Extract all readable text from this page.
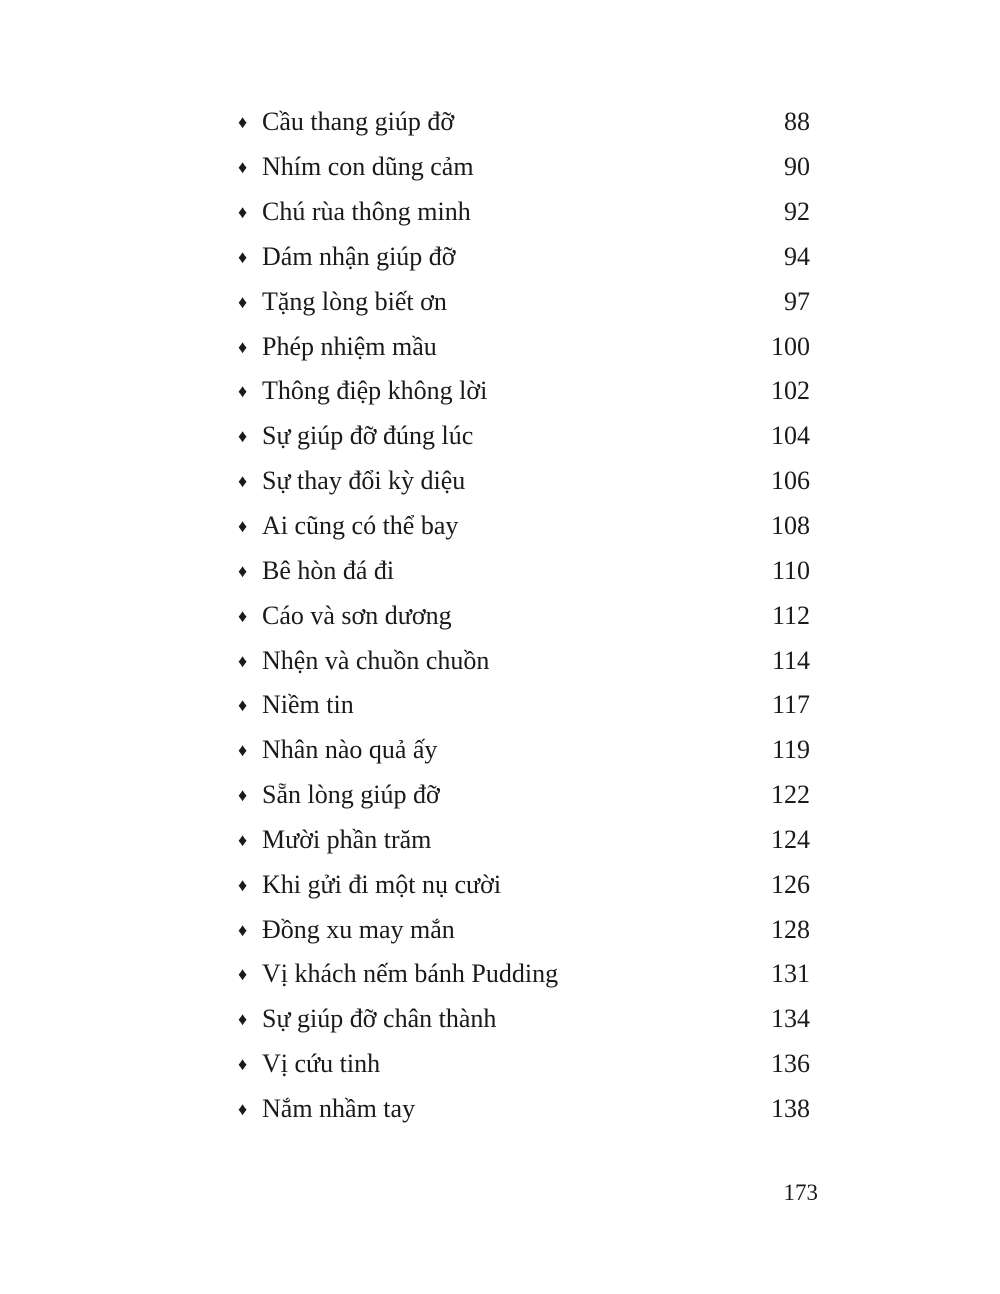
♦ Cầu thang giúp đỡ	88
♦ Nhím con dũng cảm	90
♦ Chú rùa thông minh	92
♦ Dám nhận giúp đỡ	94
♦ Tặng lòng biết ơn	97
♦ Phép nhiệm mầu	100
♦ Thông điệp không lời	102
♦ Sự giúp đỡ đúng lúc	104
♦ Sự thay đổi kỳ diệu	106
♦ Ai cũng có thể bay	108
♦ Bê hòn đá đi	110
♦ Cáo và sơn dương	112
♦ Nhện và chuồn chuồn	114
♦ Niềm tin	117
♦ Nhân nào quả ấy	119
♦ Sẵn lòng giúp đỡ	122
♦ Mười phần trăm	124
♦ Khi gửi đi một nụ cười	126
♦ Đồng xu may mắn	128
♦ Vị khách nếm bánh Pudding	131
♦ Sự giúp đỡ chân thành	134
♦ Vị cứu tinh	136
♦ Nắm nhầm tay	138
173
